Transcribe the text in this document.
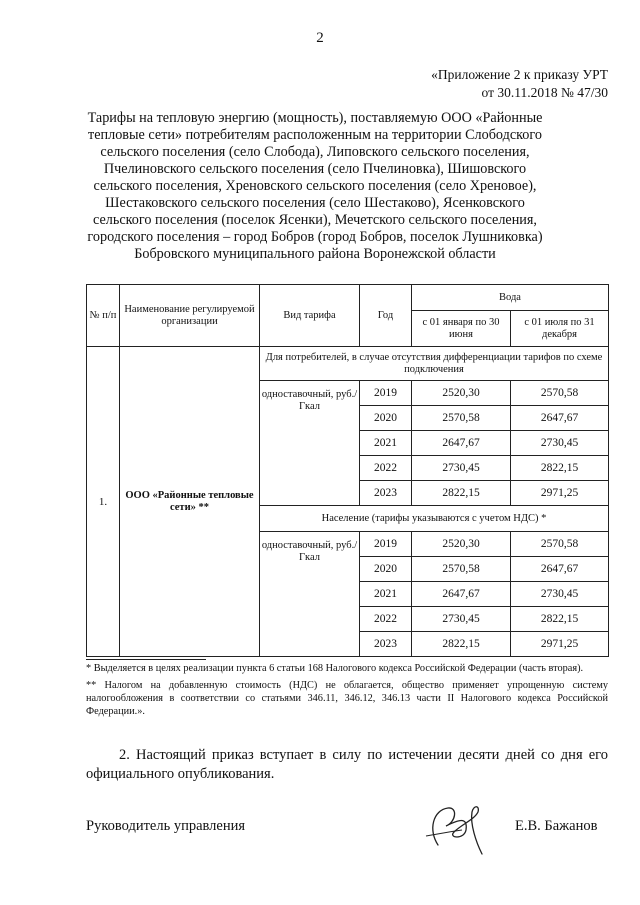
2
«Приложение 2 к приказу УРТ
от 30.11.2018 № 47/30
Тарифы на тепловую энергию (мощность), поставляемую ООО «Районные тепловые сети» потребителям расположенным на территории Слободского сельского поселения (село Слобода), Липовского сельского поселения, Пчелиновского сельского поселения (село Пчелиновка), Шишовского сельского поселения, Хреновского сельского поселения (село Хреновое), Шестаковского сельского поселения (село Шестаково), Ясенковского сельского поселения (поселок Ясенки), Мечетского сельского поселения, городского поселения – город Бобров (город Бобров, поселок Лушниковка) Бобровского муниципального района Воронежской области
№ п/п	Наименование регулируемой организации	Вид тарифа	Год	Вода	
				с 01 января по 30 июня	с 01 июля по 31 декабря
1.	ООО «Районные тепловые сети» **	Для потребителей, в случае отсутствия дифференциации тарифов по схеме подключения			
		одноставочный, руб./Гкал	2019	2520,30	2570,58
			2020	2570,58	2647,67
			2021	2647,67	2730,45
			2022	2730,45	2822,15
			2023	2822,15	2971,25
		Население (тарифы указываются с учетом НДС) *			
		одноставочный, руб./Гкал	2019	2520,30	2570,58
			2020	2570,58	2647,67
			2021	2647,67	2730,45
			2022	2730,45	2822,15
			2023	2822,15	2971,25

* Выделяется в целях реализации пункта 6 статьи 168 Налогового кодекса Российской Федерации (часть вторая).

** Налогом на добавленную стоимость (НДС) не облагается, общество применяет упрощенную систему налогообложения в соответствии со статьями 346.11, 346.12, 346.13 части II Налогового кодекса Российской Федерации.».

2. Настоящий приказ вступает в силу по истечении десяти дней со дня его официального опубликования.
Руководитель управления	Е.В. Бажанов
